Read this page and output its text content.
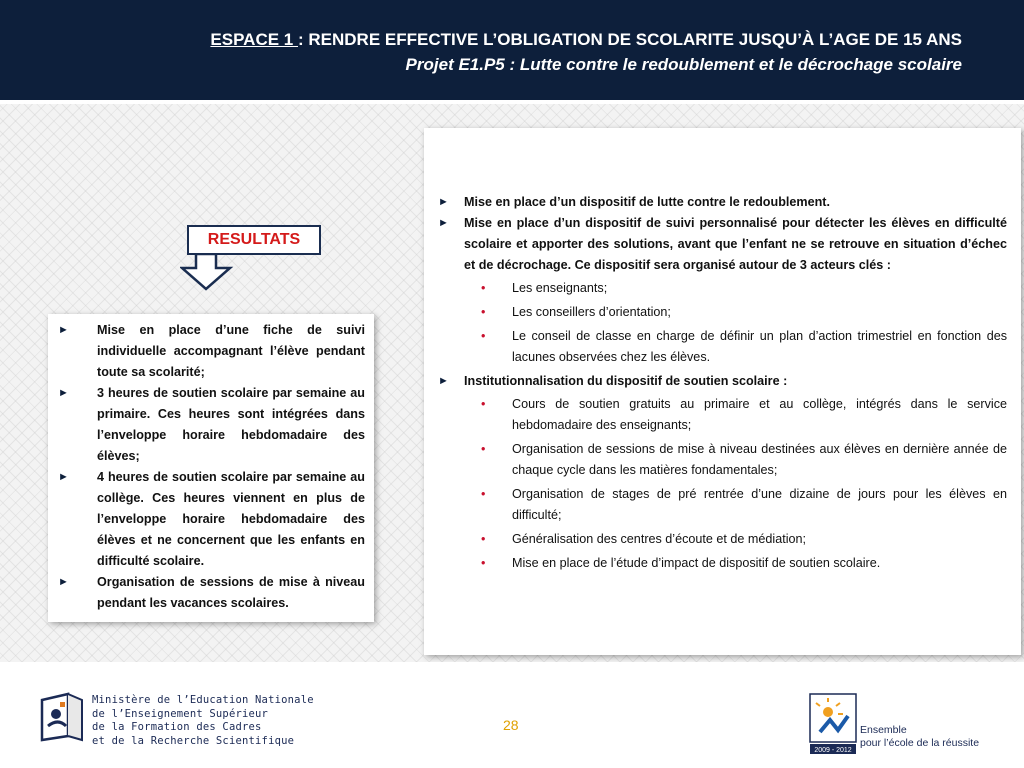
ESPACE 1 : RENDRE EFFECTIVE L’OBLIGATION DE SCOLARITE JUSQU’À L’AGE DE 15 ANS
Projet E1.P5 : Lutte contre le redoublement et le décrochage scolaire
RESULTATS
► Mise en place d’une fiche de suivi individuelle accompagnant l’élève pendant toute sa scolarité;
► 3 heures de soutien scolaire par semaine au primaire. Ces heures sont intégrées dans l’enveloppe horaire hebdomadaire des élèves;
► 4 heures de soutien scolaire par semaine au collège. Ces heures viennent en plus de l’enveloppe horaire hebdomadaire des élèves et ne concernent que les enfants en difficulté scolaire.
► Organisation de sessions de mise à niveau pendant les vacances scolaires.
► Mise en place d’un dispositif de lutte contre le redoublement.
► Mise en place d’un dispositif de suivi personnalisé pour détecter les élèves en difficulté scolaire et apporter des solutions, avant que l’enfant ne se retrouve en situation d’échec et de décrochage. Ce dispositif sera organisé autour de 3 acteurs clés :
• Les enseignants;
• Les conseillers d’orientation;
• Le conseil de classe en charge de définir un plan d’action trimestriel en fonction des lacunes observées chez les élèves.
► Institutionnalisation du dispositif de soutien scolaire :
• Cours de soutien gratuits au primaire et au collège, intégrés dans le service hebdomadaire des enseignants;
• Organisation de sessions de mise à niveau destinées aux élèves en dernière année de chaque cycle dans les matières fondamentales;
• Organisation de stages de pré rentrée d’une dizaine de jours pour les élèves en difficulté;
• Généralisation des centres d’écoute et de médiation;
• Mise en place de l’étude d’impact de dispositif de soutien scolaire.
Ministère de l’Education Nationale
de l’Enseignement Supérieur
de la Formation des Cadres
et de la Recherche Scientifique
28
2009 - 2012
Ensemble
pour l’école de la réussite
